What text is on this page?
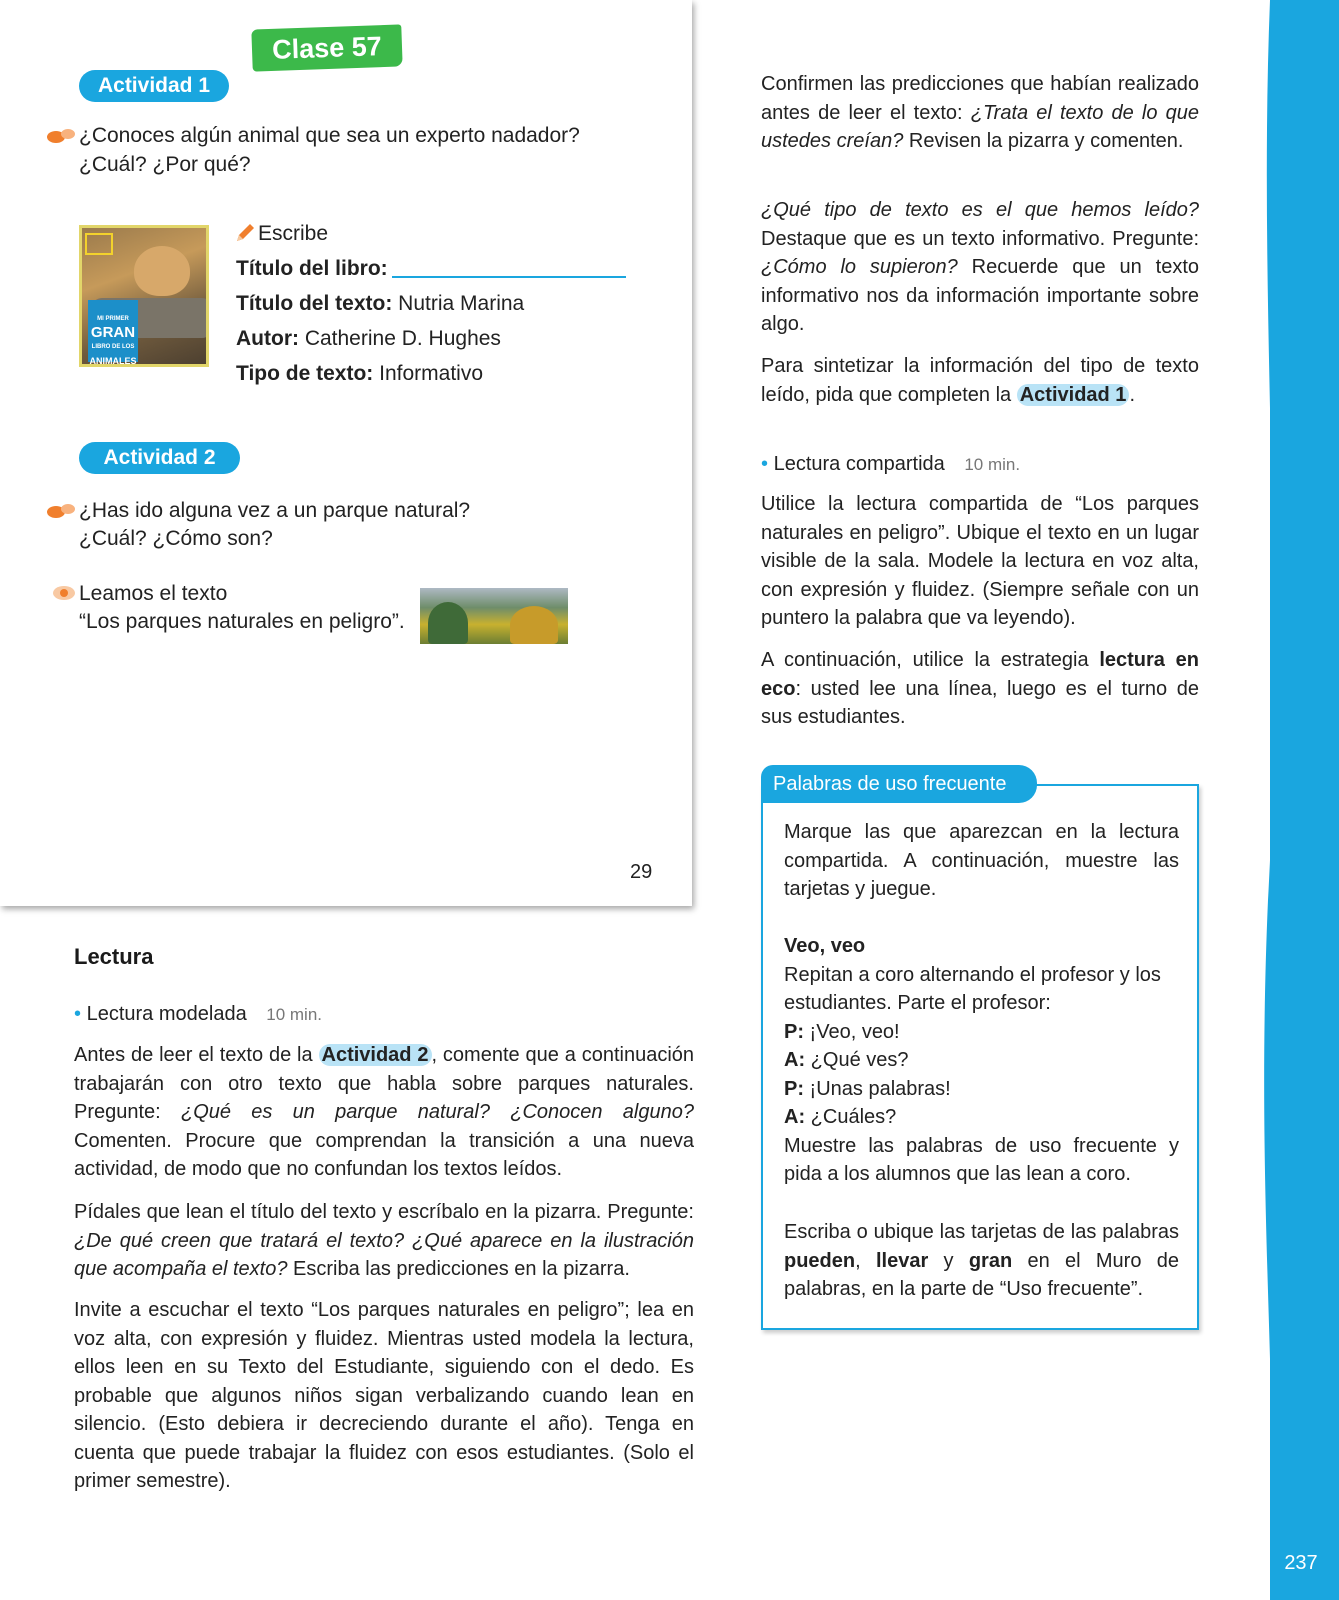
237
Clase 57
Actividad 1
¿Conoces algún animal que sea un experto nadador?
¿Cuál? ¿Por qué?
MI PRIMER
GRAN
LIBRO DE LOS
ANIMALES
Escribe
Título del libro:
Título del texto: Nutria Marina
Autor: Catherine D. Hughes
Tipo de texto: Informativo
Actividad 2
¿Has ido alguna vez a un parque natural?
¿Cuál? ¿Cómo son?
Leamos el texto
“Los parques naturales en peligro”.
29
Lectura
• Lectura modelada 10 min.

Antes de leer el texto de la Actividad 2 , comente que a continuación trabajarán con otro texto que habla sobre parques naturales. Pregunte: ¿Qué es un parque natural? ¿Conocen alguno? Comenten. Procure que comprendan la transición a una nueva actividad, de modo que no confundan los textos leídos.

Pídales que lean el título del texto y escríbalo en la pizarra. Pregunte: ¿De qué creen que tratará el texto? ¿Qué aparece en la ilustración que acompaña el texto? Escriba las predicciones en la pizarra.

Invite a escuchar el texto “Los parques naturales en peligro”; lea en voz alta, con expresión y fluidez. Mientras usted modela la lectura, ellos leen en su Texto del Estudiante, siguiendo con el dedo. Es probable que algunos niños sigan verbalizando cuando lean en silencio. (Esto debiera ir decreciendo durante el año). Tenga en cuenta que puede trabajar la fluidez con esos estudiantes. (Solo el primer semestre).

Confirmen las predicciones que habían realizado antes de leer el texto: ¿Trata el texto de lo que ustedes creían? Revisen la pizarra y comenten.

¿Qué tipo de texto es el que hemos leído? Destaque que es un texto informativo. Pregunte: ¿Cómo lo supieron? Recuerde que un texto informativo nos da información importante sobre algo.

Para sintetizar la información del tipo de texto leído, pida que completen la Actividad 1 .

• Lectura compartida 10 min.

Utilice la lectura compartida de “Los parques naturales en peligro”. Ubique el texto en un lugar visible de la sala. Modele la lectura en voz alta, con expresión y fluidez. (Siempre señale con un puntero la palabra que va leyendo).

A continuación, utilice la estrategia lectura en eco: usted lee una línea, luego es el turno de sus estudiantes.

Palabras de uso frecuente

Marque las que aparezcan en la lectura compartida. A continuación, muestre las tarjetas y juegue.

Veo, veo

Repitan a coro alternando el profesor y los estudiantes. Parte el profesor:

P: ¡Veo, veo!

A: ¿Qué ves?

P: ¡Unas palabras!

A: ¿Cuáles?

Muestre las palabras de uso frecuente y pida a los alumnos que las lean a coro.

Escriba o ubique las tarjetas de las palabras pueden, llevar y gran en el Muro de palabras, en la parte de “Uso frecuente”.
